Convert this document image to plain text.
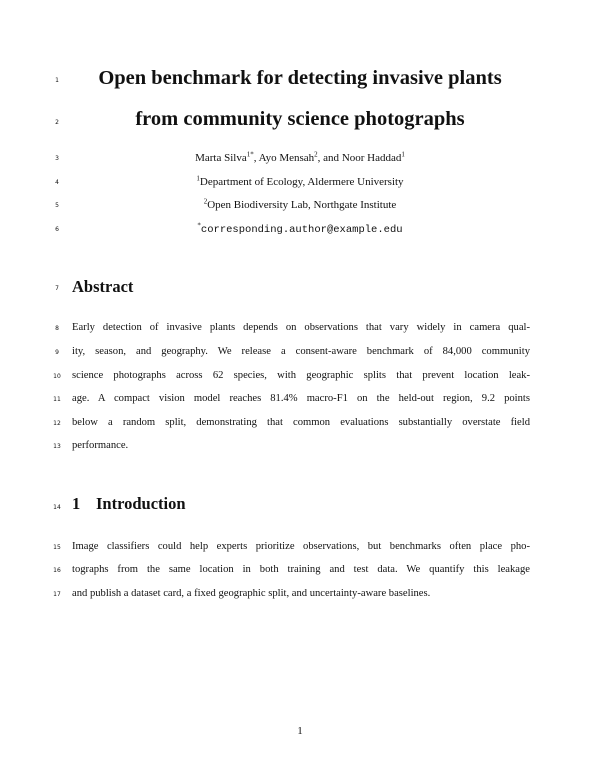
1
2
3
4
5
6
7
8
9
10
11
12
13
14
15
16
17
Open benchmark for detecting invasive plants
from community science photographs
Marta Silva$^{1*}$, Ayo Mensah$^2$, and Noor Haddad$^1$
$^1$Department of Ecology, Aldermere University
$^2$Open Biodiversity Lab, Northgate Institute
*corresponding.author@example.edu
Abstract
Early detection of invasive plants depends on observations that vary widely in camera qual-
ity, season, and geography. We release a consent-aware benchmark of 84,000 community
science photographs across 62 species, with geographic splits that prevent location leak-
age. A compact vision model reaches 81.4% macro-F1 on the held-out region, 9.2 points
below a random split, demonstrating that common evaluations substantially overstate field
performance.
1 Introduction
Image classifiers could help experts prioritize observations, but benchmarks often place pho-
tographs from the same location in both training and test data. We quantify this leakage
and publish a dataset card, a fixed geographic split, and uncertainty-aware baselines.
1
